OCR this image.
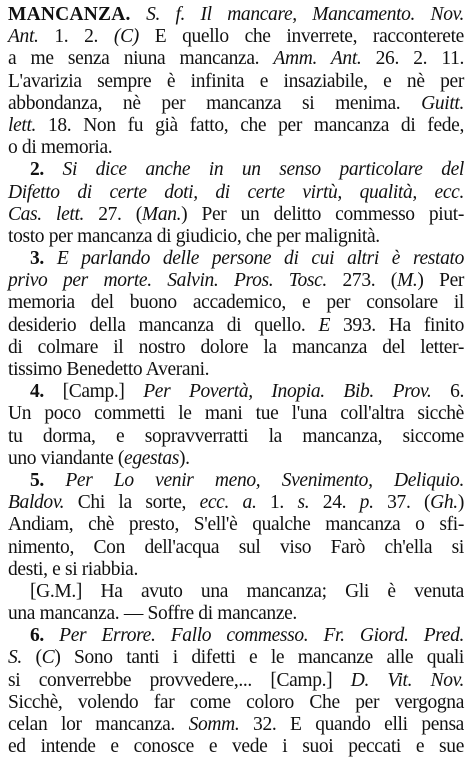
MANCANZA. S. f. Il mancare, Mancamento. Nov.
Ant. 1. 2. (C) E quello che inverrete, racconterete
a me senza niuna mancanza. Amm. Ant. 26. 2. 11.
L'avarizia sempre è infinita e insaziabile, e nè per
abbondanza, nè per mancanza si menima. Guitt.
lett. 18. Non fu già fatto, che per mancanza di fede,
o di memoria.
2. Si dice anche in un senso particolare del
Difetto di certe doti, di certe virtù, qualità, ecc.
Cas. lett. 27. (Man.) Per un delitto commesso piut-
tosto per mancanza di giudicio, che per malignità.
3. E parlando delle persone di cui altri è restato
privo per morte. Salvin. Pros. Tosc. 273. (M.) Per
memoria del buono accademico, e per consolare il
desiderio della mancanza di quello. E 393. Ha finito
di colmare il nostro dolore la mancanza del letter-
tissimo Benedetto Averani.
4. [Camp.] Per Povertà, Inopia. Bib. Prov. 6.
Un poco commetti le mani tue l'una coll'altra sicchè
tu dorma, e sopravverratti la mancanza, siccome
uno viandante (egestas).
5. Per Lo venir meno, Svenimento, Deliquio.
Baldov. Chi la sorte, ecc. a. 1. s. 24. p. 37. (Gh.)
Andiam, chè presto, S'ell'è qualche mancanza o sfi-
nimento, Con dell'acqua sul viso Farò ch'ella si
desti, e si riabbia.
[G.M.] Ha avuto una mancanza; Gli è venuta
una mancanza. — Soffre di mancanze.
6. Per Errore. Fallo commesso. Fr. Giord. Pred.
S. (C) Sono tanti i difetti e le mancanze alle quali
si converrebbe provvedere,... [Camp.] D. Vit. Nov.
Sicchè, volendo far come coloro Che per vergogna
celan lor mancanza. Somm. 32. E quando elli pensa
ed intende e conosce e vede i suoi peccati e sue
